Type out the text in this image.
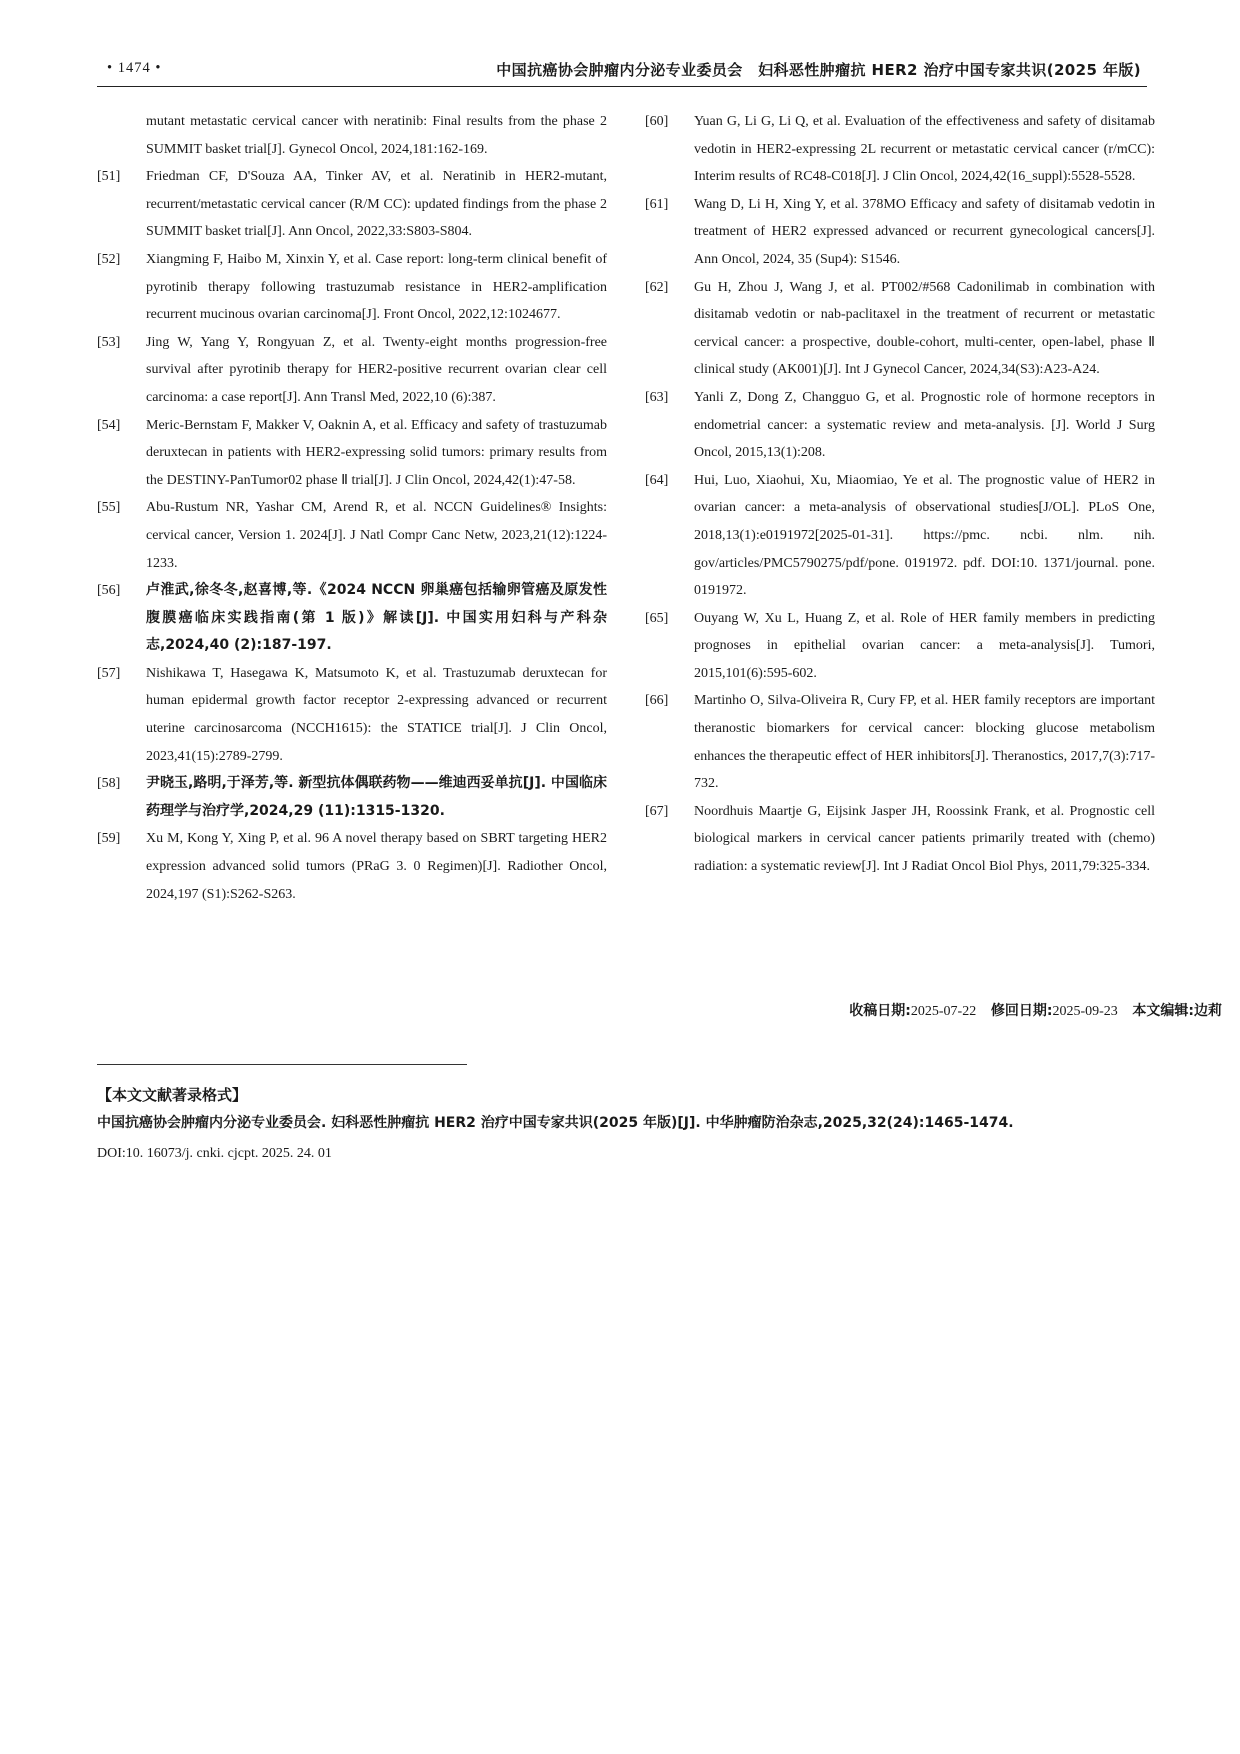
• 1474 •	中国抗癌协会肿瘤内分泌专业委员会　妇科恶性肿瘤抗 HER2 治疗中国专家共识(2025 年版)

mutant metastatic cervical cancer with neratinib: Final results from the phase 2 SUMMIT basket trial[J]. Gynecol Oncol, 2024,181:162-169.

[51] Friedman CF, D'Souza AA, Tinker AV, et al. Neratinib in HER2-mutant, recurrent/metastatic cervical cancer (R/M CC): updated findings from the phase 2 SUMMIT basket trial[J]. Ann Oncol, 2022,33:S803-S804.

[52] Xiangming F, Haibo M, Xinxin Y, et al. Case report: long-term clinical benefit of pyrotinib therapy following trastuzumab resistance in HER2-amplification recurrent mucinous ovarian carcinoma[J]. Front Oncol, 2022,12:1024677.

[53] Jing W, Yang Y, Rongyuan Z, et al. Twenty-eight months progression-free survival after pyrotinib therapy for HER2-positive recurrent ovarian clear cell carcinoma: a case report[J]. Ann Transl Med, 2022,10 (6):387.

[54] Meric-Bernstam F, Makker V, Oaknin A, et al. Efficacy and safety of trastuzumab deruxtecan in patients with HER2-expressing solid tumors: primary results from the DESTINY-PanTumor02 phase Ⅱ trial[J]. J Clin Oncol, 2024,42(1):47-58.

[55] Abu-Rustum NR, Yashar CM, Arend R, et al. NCCN Guidelines® Insights: cervical cancer, Version 1. 2024[J]. J Natl Compr Canc Netw, 2023,21(12):1224-1233.

[56] 卢淮武,徐冬冬,赵喜博,等.《2024 NCCN 卵巢癌包括输卵管癌及原发性腹膜癌临床实践指南(第 1 版)》解读[J]. 中国实用妇科与产科杂志,2024,40 (2):187-197.

[57] Nishikawa T, Hasegawa K, Matsumoto K, et al. Trastuzumab deruxtecan for human epidermal growth factor receptor 2-expressing advanced or recurrent uterine carcinosarcoma (NCCH1615): the STATICE trial[J]. J Clin Oncol, 2023,41(15):2789-2799.

[58] 尹晓玉,路明,于泽芳,等. 新型抗体偶联药物——维迪西妥单抗[J]. 中国临床药理学与治疗学,2024,29 (11):1315-1320.

[59] Xu M, Kong Y, Xing P, et al. 96 A novel therapy based on SBRT targeting HER2 expression advanced solid tumors (PRaG 3. 0 Regimen)[J]. Radiother Oncol, 2024,197 (S1):S262-S263.

[60] Yuan G, Li G, Li Q, et al. Evaluation of the effectiveness and safety of disitamab vedotin in HER2-expressing 2L recurrent or metastatic cervical cancer (r/mCC): Interim results of RC48-C018[J]. J Clin Oncol, 2024,42(16_suppl):5528-5528.

[61] Wang D, Li H, Xing Y, et al. 378MO Efficacy and safety of disitamab vedotin in treatment of HER2 expressed advanced or recurrent gynecological cancers[J]. Ann Oncol, 2024, 35 (Sup4): S1546.

[62] Gu H, Zhou J, Wang J, et al. PT002/#568 Cadonilimab in combination with disitamab vedotin or nab-paclitaxel in the treatment of recurrent or metastatic cervical cancer: a prospective, double-cohort, multi-center, open-label, phase Ⅱ clinical study (AK001)[J]. Int J Gynecol Cancer, 2024,34(S3):A23-A24.

[63] Yanli Z, Dong Z, Changguo G, et al. Prognostic role of hormone receptors in endometrial cancer: a systematic review and meta-analysis. [J]. World J Surg Oncol, 2015,13(1):208.

[64] Hui, Luo, Xiaohui, Xu, Miaomiao, Ye et al. The prognostic value of HER2 in ovarian cancer: a meta-analysis of observational studies[J/OL]. PLoS One, 2018,13(1):e0191972[2025-01-31]. https://pmc. ncbi. nlm. nih. gov/articles/PMC5790275/pdf/pone. 0191972. pdf. DOI:10. 1371/journal. pone. 0191972.

[65] Ouyang W, Xu L, Huang Z, et al. Role of HER family members in predicting prognoses in epithelial ovarian cancer: a meta-analysis[J]. Tumori, 2015,101(6):595-602.

[66] Martinho O, Silva-Oliveira R, Cury FP, et al. HER family receptors are important theranostic biomarkers for cervical cancer: blocking glucose metabolism enhances the therapeutic effect of HER inhibitors[J]. Theranostics, 2017,7(3):717-732.

[67] Noordhuis Maartje G, Eijsink Jasper JH, Roossink Frank, et al. Prognostic cell biological markers in cervical cancer patients primarily treated with (chemo) radiation: a systematic review[J]. Int J Radiat Oncol Biol Phys, 2011,79:325-334.

收稿日期:2025-07-22 修回日期:2025-09-23 本文编辑:边莉
【本文文献著录格式】
中国抗癌协会肿瘤内分泌专业委员会. 妇科恶性肿瘤抗 HER2 治疗中国专家共识(2025 年版)[J]. 中华肿瘤防治杂志,2025,32(24):1465-1474.
DOI:10. 16073/j. cnki. cjcpt. 2025. 24. 01
